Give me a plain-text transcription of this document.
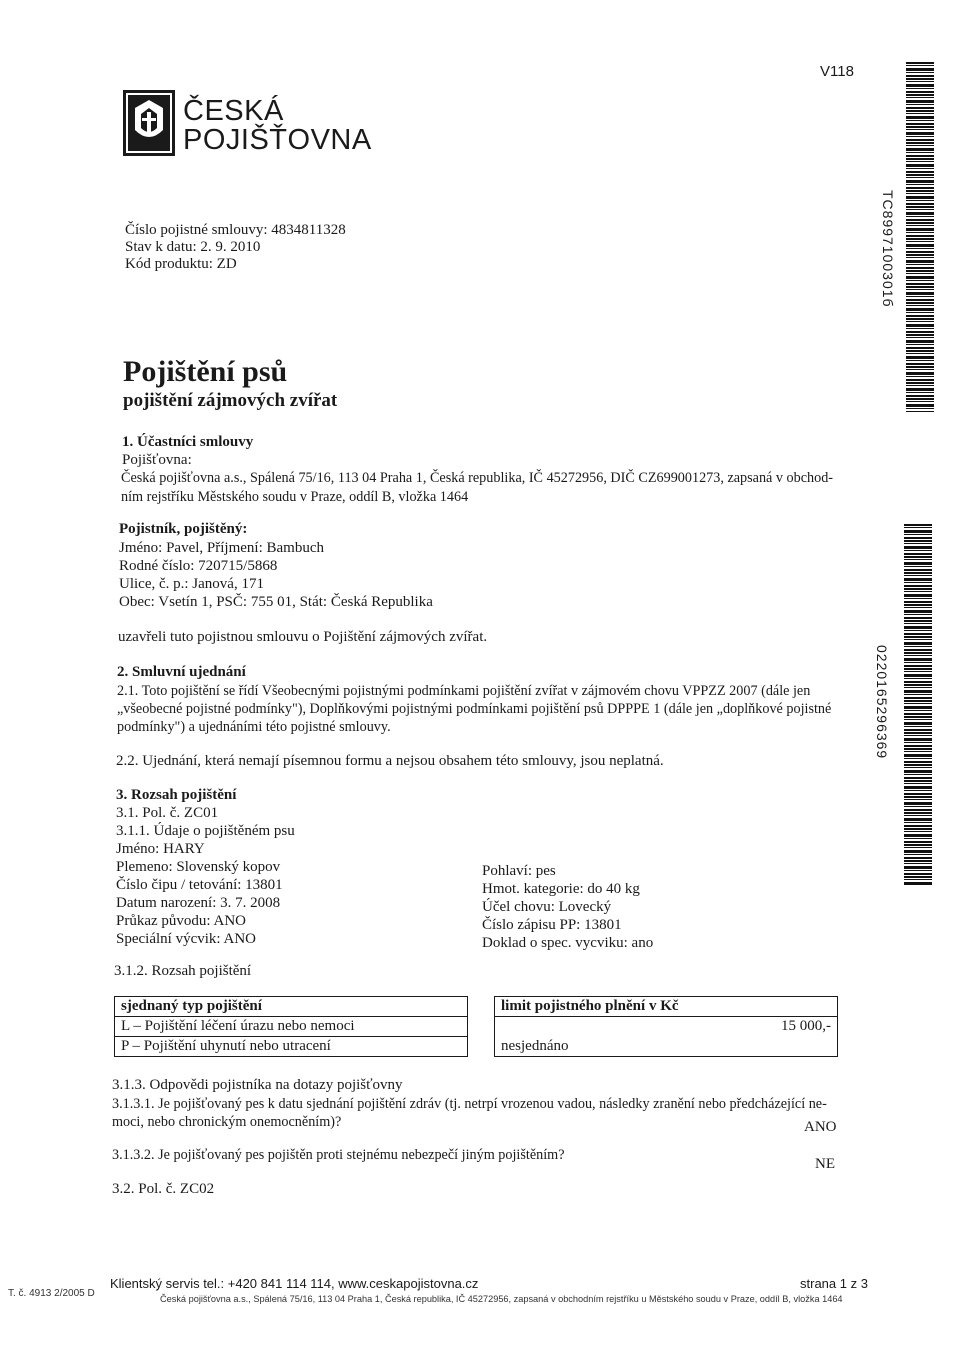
V118
ČESKÁ
POJIŠŤOVNA
TC8997100301б
0220165296369
Číslo pojistné smlouvy: 4834811328
Stav k datu: 2. 9. 2010
Kód produktu: ZD
Pojištění psů
pojištění zájmových zvířat
1. Účastníci smlouvy
Pojišťovna:
Česká pojišťovna a.s., Spálená 75/16, 113 04 Praha 1, Česká republika, IČ 45272956, DIČ CZ699001273, zapsaná v obchod-
ním rejstříku Městského soudu v Praze, oddíl B, vložka 1464
Pojistník, pojištěný:
Jméno: Pavel, Příjmení: Bambuch
Rodné číslo: 720715/5868
Ulice, č. p.: Janová, 171
Obec: Vsetín 1, PSČ: 755 01, Stát: Česká Republika
uzavřeli tuto pojistnou smlouvu o Pojištění zájmových zvířat.
2. Smluvní ujednání
2.1. Toto pojištění se řídí Všeobecnými pojistnými podmínkami pojištění zvířat v zájmovém chovu VPPZZ 2007 (dále jen
„všeobecné pojistné podmínky"), Doplňkovými pojistnými podmínkami pojištění psů DPPPE 1 (dále jen „doplňkové pojistné
podmínky") a ujednáními této pojistné smlouvy.
2.2. Ujednání, která nemají písemnou formu a nejsou obsahem této smlouvy, jsou neplatná.
3. Rozsah pojištění
3.1. Pol. č. ZC01
3.1.1. Údaje o pojištěném psu
Jméno: HARY
Plemeno: Slovenský kopov
Číslo čipu / tetování: 13801
Datum narození: 3. 7. 2008
Průkaz původu: ANO
Speciální výcvik: ANO
Pohlaví: pes
Hmot. kategorie: do 40 kg
Účel chovu: Lovecký
Číslo zápisu PP: 13801
Doklad o spec. vycviku: ano
3.1.2. Rozsah pojištění
sjednaný typ pojištění		limit pojistného plnění v Kč
L – Pojištění léčení úrazu nebo nemoci		15 000,-
P – Pojištění uhynutí nebo utracení		nesjednáno
3.1.3. Odpovědi pojistníka na dotazy pojišťovny
3.1.3.1. Je pojišťovaný pes k datu sjednání pojištění zdráv (tj. netrpí vrozenou vadou, následky zranění nebo předcházející ne-
moci, nebo chronickým onemocněním)?	ANO
3.1.3.2. Je pojišťovaný pes pojištěn proti stejnému nebezpečí jiným pojištěním?
NE
3.2. Pol. č. ZC02
T. č. 4913 2/2005 D
Klientský servis tel.: +420 841 114 114, www.ceskapojistovna.cz
Česká pojišťovna a.s., Spálená 75/16, 113 04 Praha 1, Česká republika, IČ 45272956, zapsaná v obchodním rejstříku u Městského soudu v Praze, oddíl B, vložka 1464
strana 1 z 3
